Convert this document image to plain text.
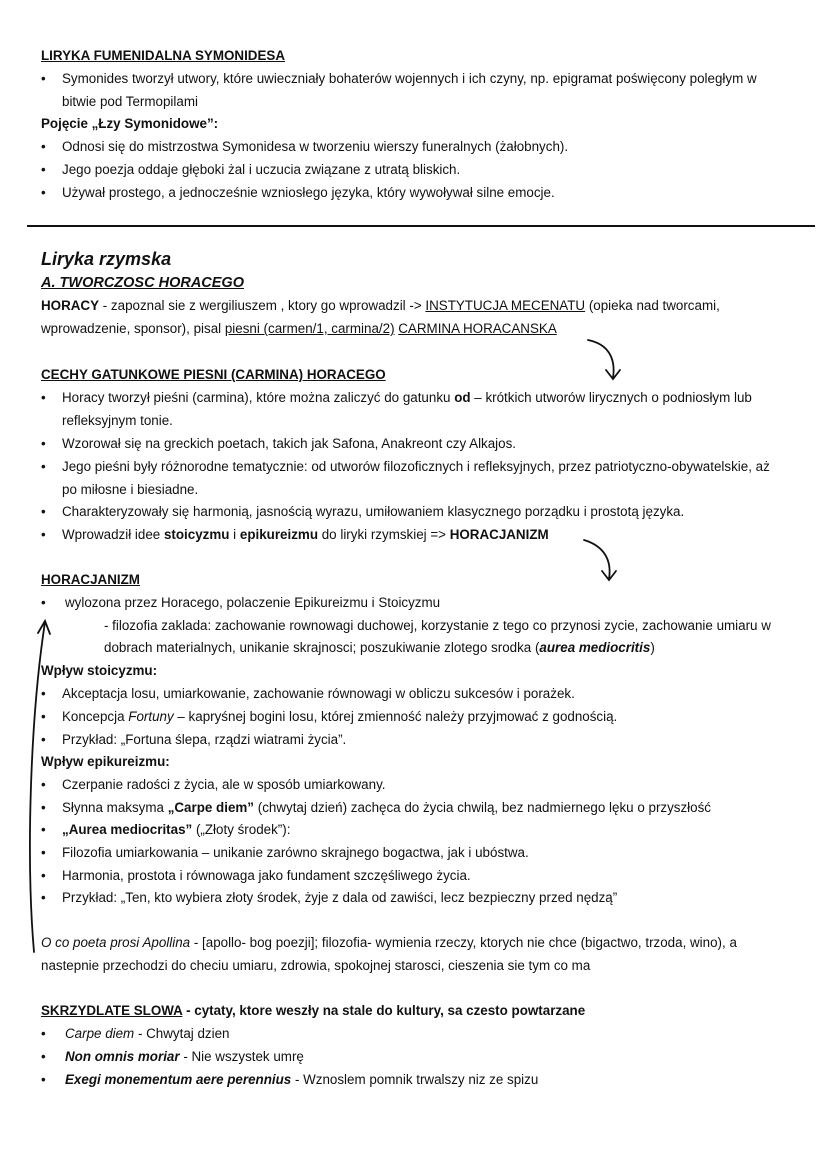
LIRYKA FUMENIDALNA SYMONIDESA
• Symonides tworzył utwory, które uwieczniały bohaterów wojennych i ich czyny, np. epigramat poświęcony poległym w
bitwie pod Termopilami
Pojęcie „Łzy Symonidowe”:
• Odnosi się do mistrzostwa Symonidesa w tworzeniu wierszy funeralnych (żałobnych).
• Jego poezja oddaje głęboki żal i uczucia związane z utratą bliskich.
• Używał prostego, a jednocześnie wzniosłego języka, który wywoływał silne emocje.
Liryka rzymska
A. TWORCZOSC HORACEGO
HORACY - zapoznal sie z wergiliuszem , ktory go wprowadzil -> INSTYTUCJA MECENATU (opieka nad tworcami,
wprowadzenie, sponsor), pisal piesni (carmen/1, carmina/2) CARMINA HORACANSKA
CECHY GATUNKOWE PIESNI (CARMINA) HORACEGO
• Horacy tworzył pieśni (carmina), które można zaliczyć do gatunku od – krótkich utworów lirycznych o podniosłym lub
refleksyjnym tonie.
• Wzorował się na greckich poetach, takich jak Safona, Anakreont czy Alkajos.
• Jego pieśni były różnorodne tematycznie: od utworów filozoficznych i refleksyjnych, przez patriotyczno-obywatelskie, aż
po miłosne i biesiadne.
• Charakteryzowały się harmonią, jasnością wyrazu, umiłowaniem klasycznego porządku i prostotą języka.
• Wprowadził idee stoicyzmu i epikureizmu do liryki rzymskiej => HORACJANIZM
HORACJANIZM
• wylozona przez Horacego, polaczenie Epikureizmu i Stoicyzmu
- filozofia zaklada: zachowanie rownowagi duchowej, korzystanie z tego co przynosi zycie, zachowanie umiaru w
dobrach materialnych, unikanie skrajnosci; poszukiwanie zlotego srodka (aurea mediocritis)
Wpływ stoicyzmu:
• Akceptacja losu, umiarkowanie, zachowanie równowagi w obliczu sukcesów i porażek.
• Koncepcja Fortuny – kapryśnej bogini losu, której zmienność należy przyjmować z godnością.
• Przykład: „Fortuna ślepa, rządzi wiatrami życia”.
Wpływ epikureizmu:
• Czerpanie radości z życia, ale w sposób umiarkowany.
• Słynna maksyma „Carpe diem” (chwytaj dzień) zachęca do życia chwilą, bez nadmiernego lęku o przyszłość
• „Aurea mediocritas” („Złoty środek”):
• Filozofia umiarkowania – unikanie zarówno skrajnego bogactwa, jak i ubóstwa.
• Harmonia, prostota i równowaga jako fundament szczęśliwego życia.
• Przykład: „Ten, kto wybiera złoty środek, żyje z dala od zawiści, lecz bezpieczny przed nędzą”
O co poeta prosi Apollina - [apollo- bog poezji]; filozofia- wymienia rzeczy, ktorych nie chce (bigactwo, trzoda, wino), a
nastepnie przechodzi do checiu umiaru, zdrowia, spokojnej starosci, cieszenia sie tym co ma
SKRZYDLATE SLOWA - cytaty, ktore weszły na stale do kultury, sa czesto powtarzane
• Carpe diem - Chwytaj dzien
• Non omnis moriar - Nie wszystek umrę
• Exegi monementum aere perennius - Wznoslem pomnik trwalszy niz ze spizu
